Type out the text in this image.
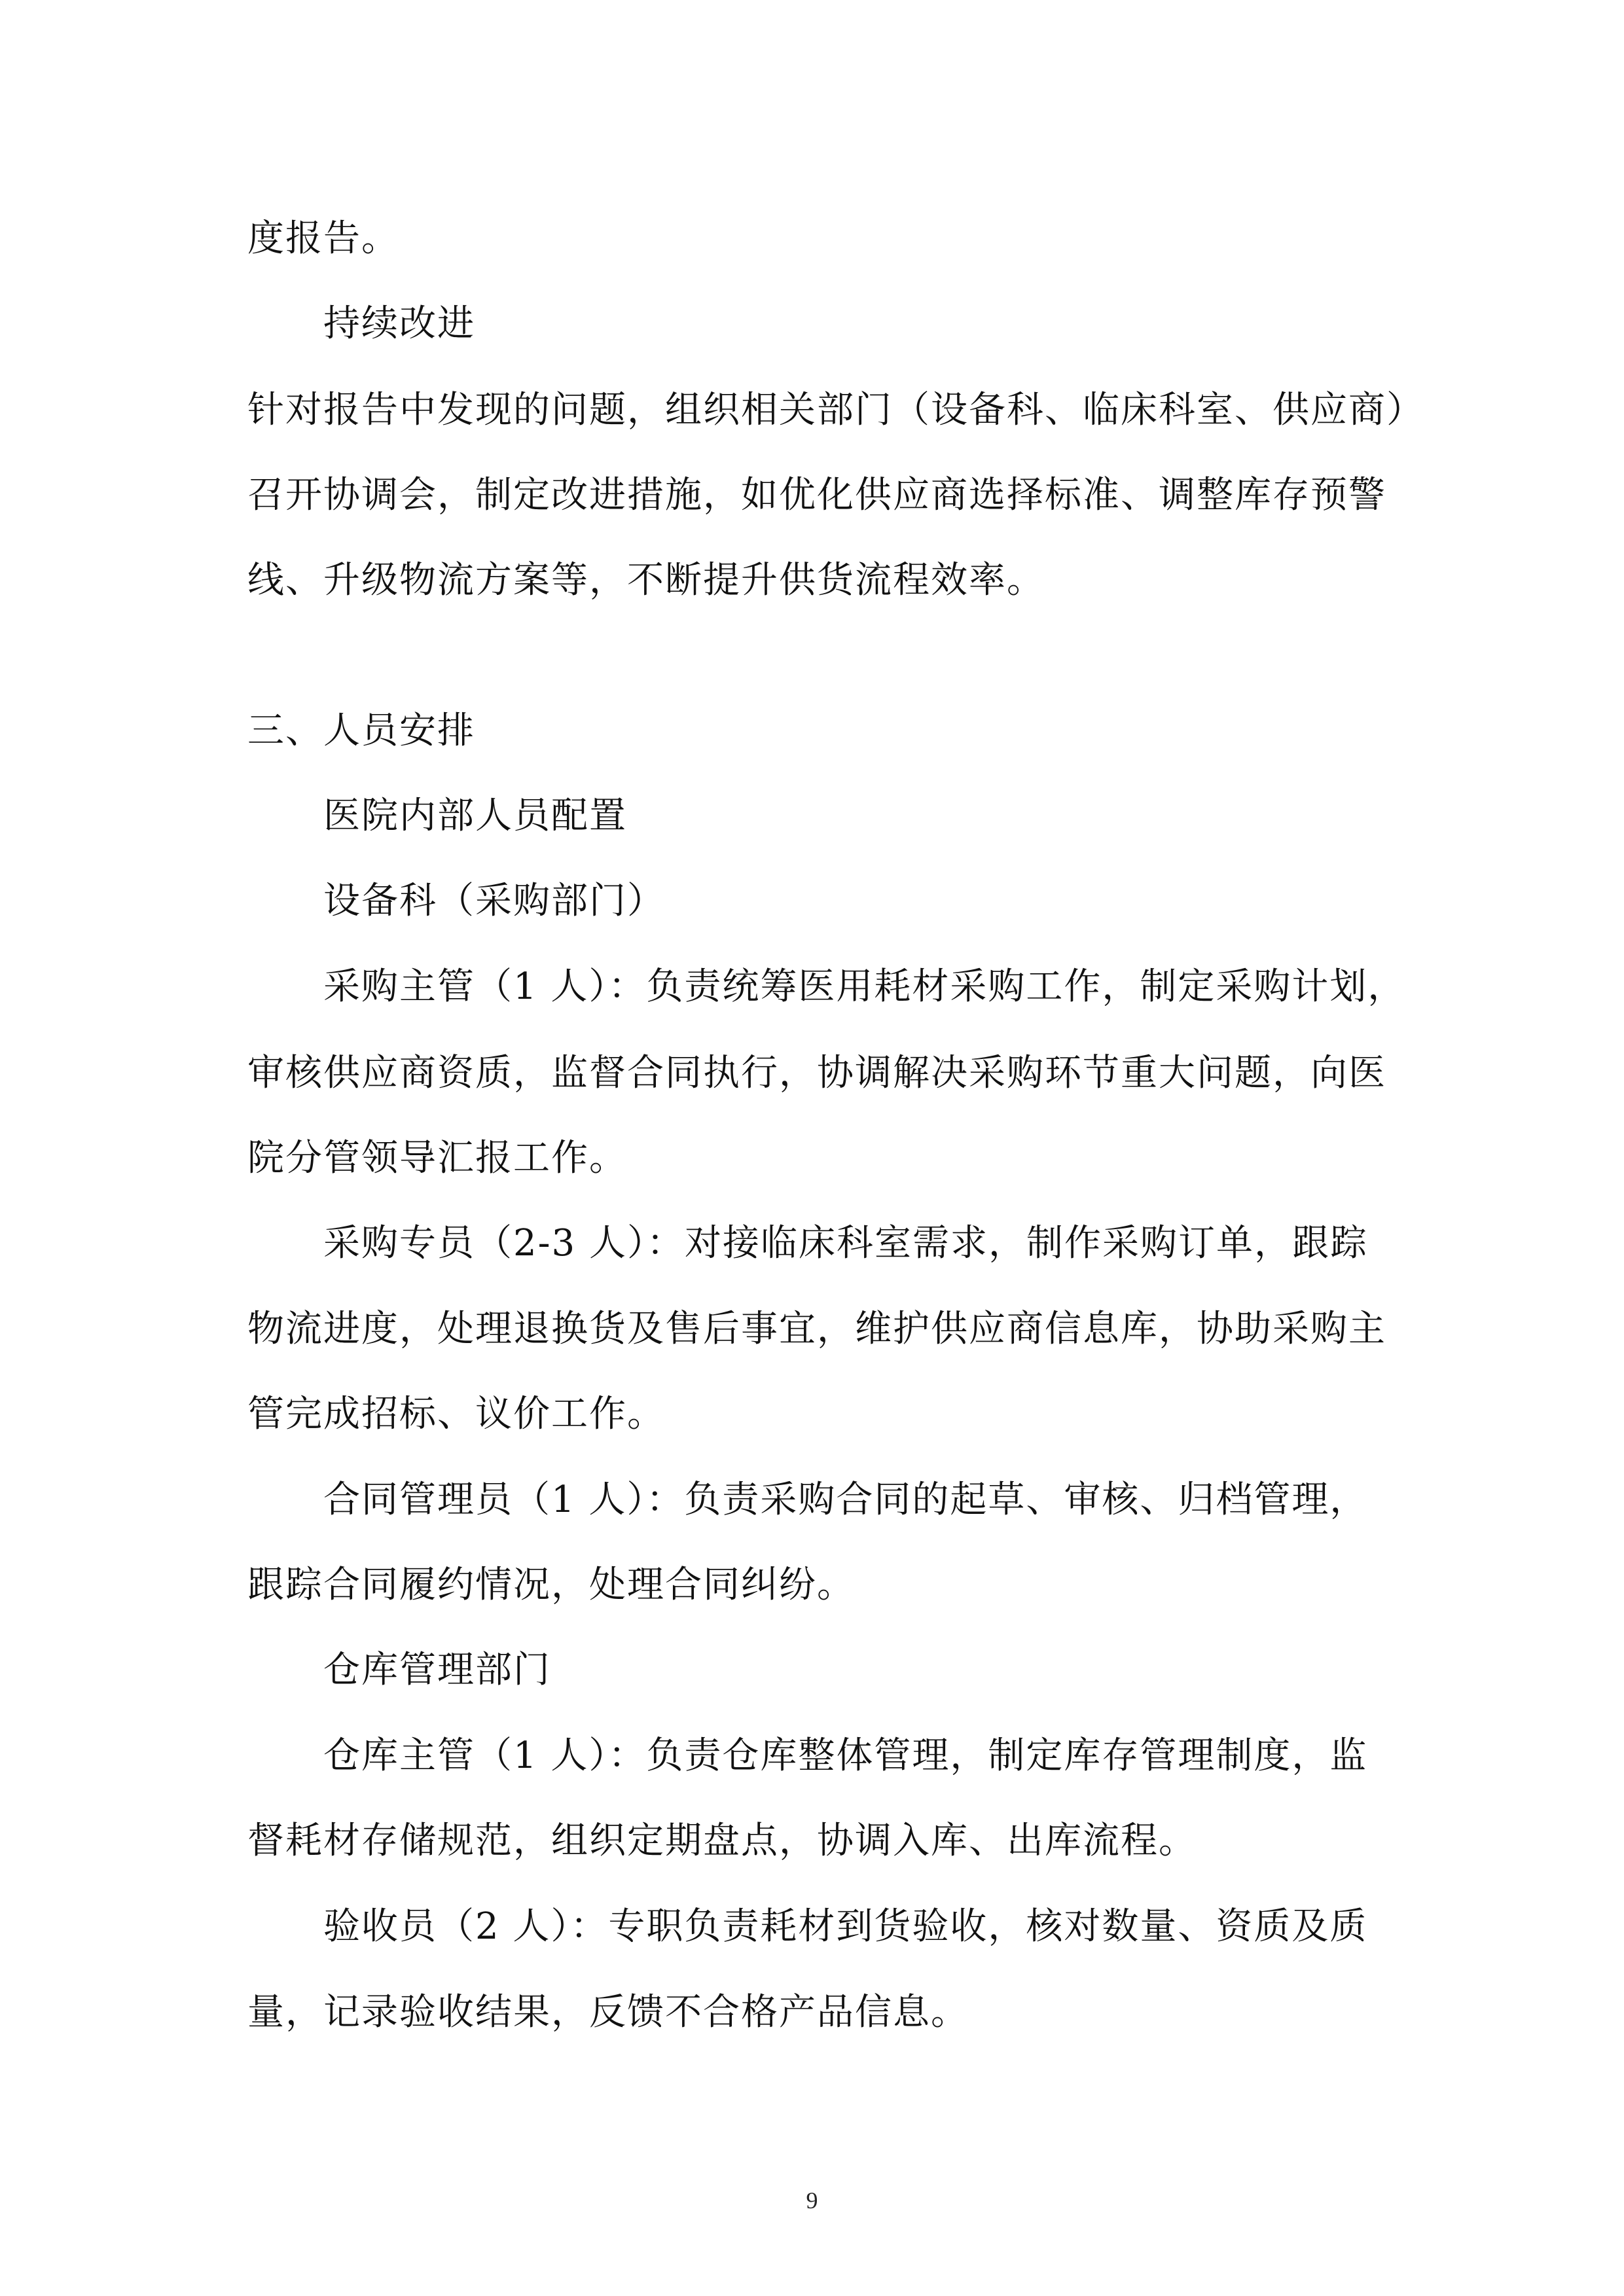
度报告。
持续改进
针对报告中发现的问题，组织相关部门（设备科、临床科室、供应商）
召开协调会，制定改进措施，如优化供应商选择标准、调整库存预警
线、升级物流方案等，不断提升供货流程效率。
三、人员安排
医院内部人员配置
设备科（采购部门）
采购主管（1 人）：负责统筹医用耗材采购工作，制定采购计划，
审核供应商资质，监督合同执行，协调解决采购环节重大问题，向医
院分管领导汇报工作。
采购专员（2-3 人）：对接临床科室需求，制作采购订单，跟踪
物流进度，处理退换货及售后事宜，维护供应商信息库，协助采购主
管完成招标、议价工作。
合同管理员（1 人）：负责采购合同的起草、审核、归档管理，
跟踪合同履约情况，处理合同纠纷。
仓库管理部门
仓库主管（1 人）：负责仓库整体管理，制定库存管理制度，监
督耗材存储规范，组织定期盘点，协调入库、出库流程。
验收员（2 人）：专职负责耗材到货验收，核对数量、资质及质
量，记录验收结果，反馈不合格产品信息。
9
